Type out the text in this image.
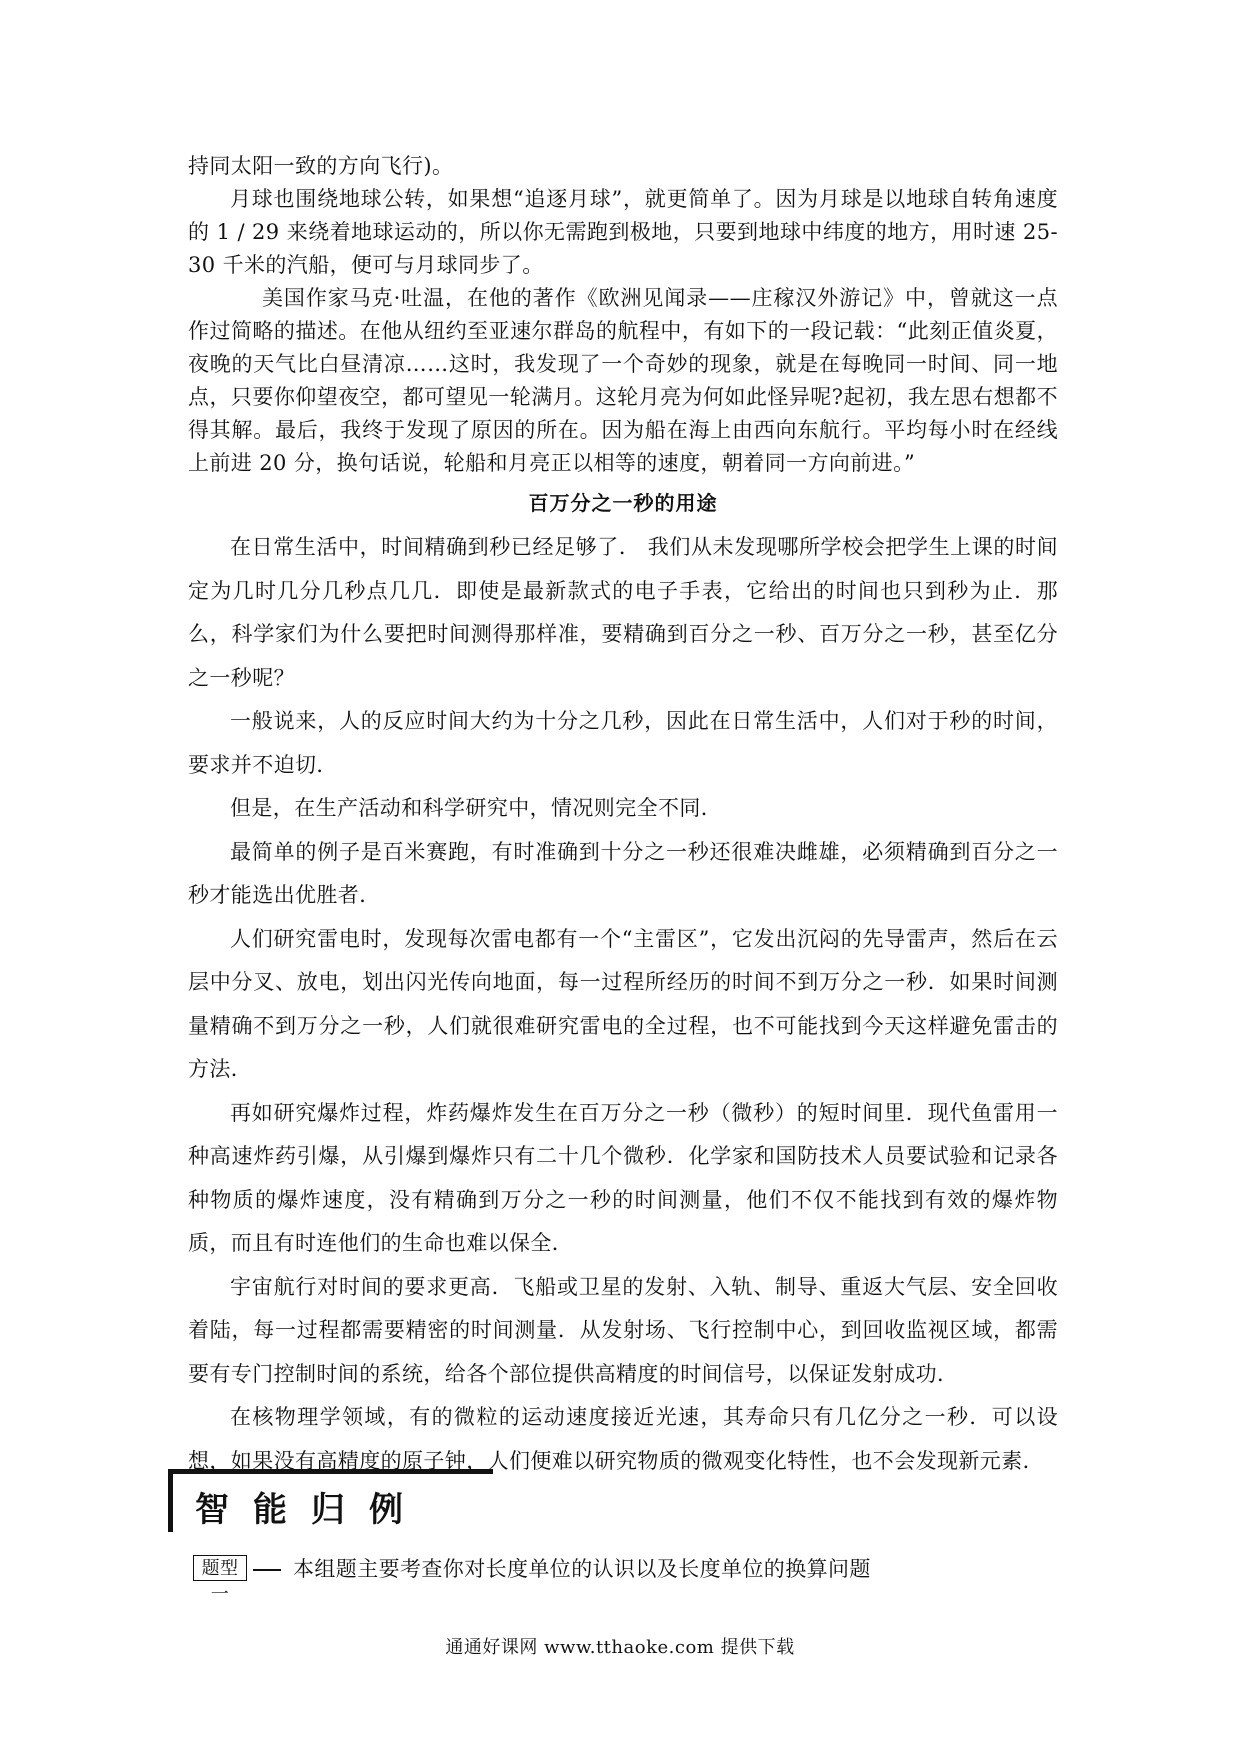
持同太阳一致的方向飞行)。

月球也围绕地球公转，如果想“追逐月球”，就更简单了。因为月球是以地球自转角速度的 1 / 29 来绕着地球运动的，所以你无需跑到极地，只要到地球中纬度的地方，用时速 25-30 千米的汽船，便可与月球同步了。

美国作家马克·吐温，在他的著作《欧洲见闻录——庄稼汉外游记》中，曾就这一点作过简略的描述。在他从纽约至亚速尔群岛的航程中，有如下的一段记载：“此刻正值炎夏，夜晚的天气比白昼清凉……这时，我发现了一个奇妙的现象，就是在每晚同一时间、同一地点，只要你仰望夜空，都可望见一轮满月。这轮月亮为何如此怪异呢?起初，我左思右想都不得其解。最后，我终于发现了原因的所在。因为船在海上由西向东航行。平均每小时在经线上前进 20 分，换句话说，轮船和月亮正以相等的速度，朝着同一方向前进。”

百万分之一秒的用途

在日常生活中，时间精确到秒已经足够了． 我们从未发现哪所学校会把学生上课的时间定为几时几分几秒点几几．即使是最新款式的电子手表，它给出的时间也只到秒为止．那么，科学家们为什么要把时间测得那样准，要精确到百分之一秒、百万分之一秒，甚至亿分之一秒呢？

一般说来，人的反应时间大约为十分之几秒，因此在日常生活中，人们对于秒的时间，要求并不迫切．

但是，在生产活动和科学研究中，情况则完全不同．

最简单的例子是百米赛跑，有时准确到十分之一秒还很难决雌雄，必须精确到百分之一秒才能选出优胜者．

人们研究雷电时，发现每次雷电都有一个“主雷区”，它发出沉闷的先导雷声，然后在云层中分叉、放电，划出闪光传向地面，每一过程所经历的时间不到万分之一秒．如果时间测量精确不到万分之一秒，人们就很难研究雷电的全过程，也不可能找到今天这样避免雷击的方法．

再如研究爆炸过程，炸药爆炸发生在百万分之一秒（微秒）的短时间里．现代鱼雷用一种高速炸药引爆，从引爆到爆炸只有二十几个微秒．化学家和国防技术人员要试验和记录各种物质的爆炸速度，没有精确到万分之一秒的时间测量，他们不仅不能找到有效的爆炸物质，而且有时连他们的生命也难以保全．

宇宙航行对时间的要求更高．飞船或卫星的发射、入轨、制导、重返大气层、安全回收着陆，每一过程都需要精密的时间测量．从发射场、飞行控制中心，到回收监视区域，都需要有专门控制时间的系统，给各个部位提供高精度的时间信号，以保证发射成功．

在核物理学领域，有的微粒的运动速度接近光速，其寿命只有几亿分之一秒．可以设想，如果没有高精度的原子钟，人们便难以研究物质的微观变化特性，也不会发现新元素．

智能归例
题型一
本组题主要考查你对长度单位的认识以及长度单位的换算问题
通通好课网 www.tthaoke.com 提供下载
